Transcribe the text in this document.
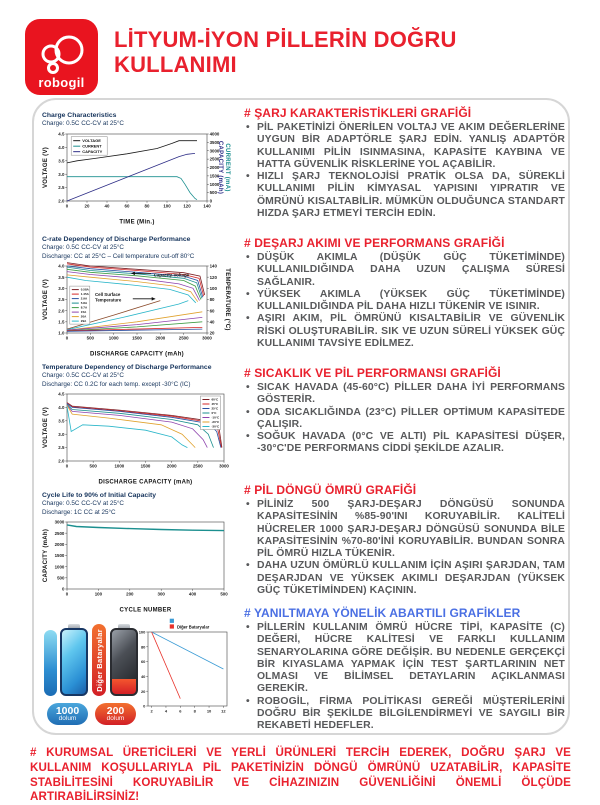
robogil
LİTYUM-İYON PİLLERİN DOĞRU
KULLANIMI
Charge Characteristics
Charge: 0.5C CC-CV at 25°C
0	20	40	60	80	100	120	140
2.0
2.5
3.0
3.5
4.0
4.5
0
500
1000
1500
2000
2500
3000
3500
4000
TIME (Min.)
VOLTAGE (V)	CAPACITY (mAh) CURRENT (mA)
VOLTAGE
CURRENT
CAPACITY
C-rate Dependency of Discharge Performance
Charge: 0.5C CC-CV at 25°C
Discharge: CC at 25°C – Cell temperature cut-off 80°C
0	500	1000	1500	2000	2500	3000
1.0
1.5
2.0
2.5
3.0
3.5
4.0
20
40
60
80
100
120
140
DISCHARGE CAPACITY (mAh)
VOLTAGE (V)	TEMPERATURE (°C)
0.58A
1.45A
2.9A
5.8A
8.7A
15A
20A
29A
Capacity-Voltage
Cell Surface
Temperature
Temperature Dependency of Discharge Performance
Charge: 0.5C CC-CV at 25°C
Discharge: CC 0.2C for each temp. except -30°C (IC)
0	500	1000	1500	2000	2500	3000
2.0
2.5
3.0
3.5
4.0
4.5
DISCHARGE CAPACITY (mAh)
VOLTAGE (V)
60°C
45°C
25°C
0°C
-10°C
-20°C
-30°C
Cycle Life to 90% of Initial Capacity
Charge: 0.5C CC-CV at 25°C
Discharge: 1C CC at 25°C
0	100	200	300	400	500
0
500
1000
1500
2000
2500
3000
CYCLE NUMBER
CAPACITY (mAh)
Diğer Bataryalar
1000
dolum
200
dolum
2	4	6	8	10 12
0
20
40
60
80
100
Diğer Bataryalar
# ŞARJ KARAKTERİSTİKLERİ GRAFİĞİ
• PİL PAKETİNİZİ ÖNERİLEN VOLTAJ VE AKIM DEĞERLERİNE UYGUN BİR ADAPTÖRLE ŞARJ EDİN. YANLIŞ ADAPTÖR KULLANIMI PİLİN ISINMASINA, KAPASİTE KAYBINA VE HATTA GÜVENLİK RİSKLERİNE YOL AÇABİLİR.
• HIZLI ŞARJ TEKNOLOJİSİ PRATİK OLSA DA, SÜREKLİ KULLANIMI PİLİN KİMYASAL YAPISINI YIPRATIR VE ÖMRÜNÜ KISALTABİLİR. MÜMKÜN OLDUĞUNCA STANDART HIZDA ŞARJ ETMEYİ TERCİH EDİN.
# DEŞARJ AKIMI VE PERFORMANS GRAFİĞİ
• DÜŞÜK AKIMLA (DÜŞÜK GÜÇ TÜKETİMİNDE) KULLANILDIĞINDA DAHA UZUN ÇALIŞMA SÜRESİ SAĞLANIR.
• YÜKSEK AKIMLA (YÜKSEK GÜÇ TÜKETİMİNDE) KULLANILDIĞINDA PİL DAHA HIZLI TÜKENİR VE ISINIR.
• AŞIRI AKIM, PİL ÖMRÜNÜ KISALTABİLİR VE GÜVENLİK RİSKİ OLUŞTURABİLİR. SIK VE UZUN SÜRELİ YÜKSEK GÜÇ KULLANIMI TAVSİYE EDİLMEZ.
# SICAKLIK VE PİL PERFORMANSI GRAFİĞİ
• SICAK HAVADA (45-60°C) PİLLER DAHA İYİ PERFORMANS GÖSTERİR.
• ODA SICAKLIĞINDA (23°C) PİLLER OPTİMUM KAPASİTEDE ÇALIŞIR.
• SOĞUK HAVADA (0°C VE ALTI) PİL KAPASİTESİ DÜŞER, -30°C'DE PERFORMANS CİDDİ ŞEKİLDE AZALIR.
# PİL DÖNGÜ ÖMRÜ GRAFİĞİ
• PİLİNİZ 500 ŞARJ-DEŞARJ DÖNGÜSÜ SONUNDA KAPASİTESİNİN %85-90'INI KORUYABİLİR. KALİTELİ HÜCRELER 1000 ŞARJ-DEŞARJ DÖNGÜSÜ SONUNDA BİLE KAPASİTESİNİN %70-80'İNİ KORUYABİLİR. BUNDAN SONRA PİL ÖMRÜ HIZLA TÜKENİR.
• DAHA UZUN ÖMÜRLÜ KULLANIM İÇİN AŞIRI ŞARJDAN, TAM DEŞARJDAN VE YÜKSEK AKIMLI DEŞARJDAN (YÜKSEK GÜÇ TÜKETİMİNDEN) KAÇININ.
# YANILTMAYA YÖNELİK ABARTILI GRAFİKLER
• PİLLERİN KULLANIM ÖMRÜ HÜCRE TİPİ, KAPASİTE (C) DEĞERİ, HÜCRE KALİTESİ VE FARKLI KULLANIM SENARYOLARINA GÖRE DEĞİŞİR. BU NEDENLE GERÇEKÇİ BİR KIYASLAMA YAPMAK İÇİN TEST ŞARTLARININ NET OLMASI VE BİLİMSEL DETAYLARIN AÇIKLANMASI GEREKİR.
• ROBOGİL, FİRMA POLİTİKASI GEREĞİ MÜŞTERİLERİNİ DOĞRU BİR ŞEKİLDE BİLGİLENDİRMEYİ VE SAYGILI BİR REKABETİ HEDEFLER.
# KURUMSAL ÜRETİCİLERİ VE YERLİ ÜRÜNLERİ TERCİH EDEREK, DOĞRU ŞARJ VE KULLANIM KOŞULLARIYLA PİL PAKETİNİZİN DÖNGÜ ÖMRÜNÜ UZATABİLİR, KAPASİTE STABİLİTESİNİ KORUYABİLİR VE CİHAZINIZIN GÜVENLİĞİNİ ÖNEMLİ ÖLÇÜDE ARTIRABİLİRSİNİZ!
